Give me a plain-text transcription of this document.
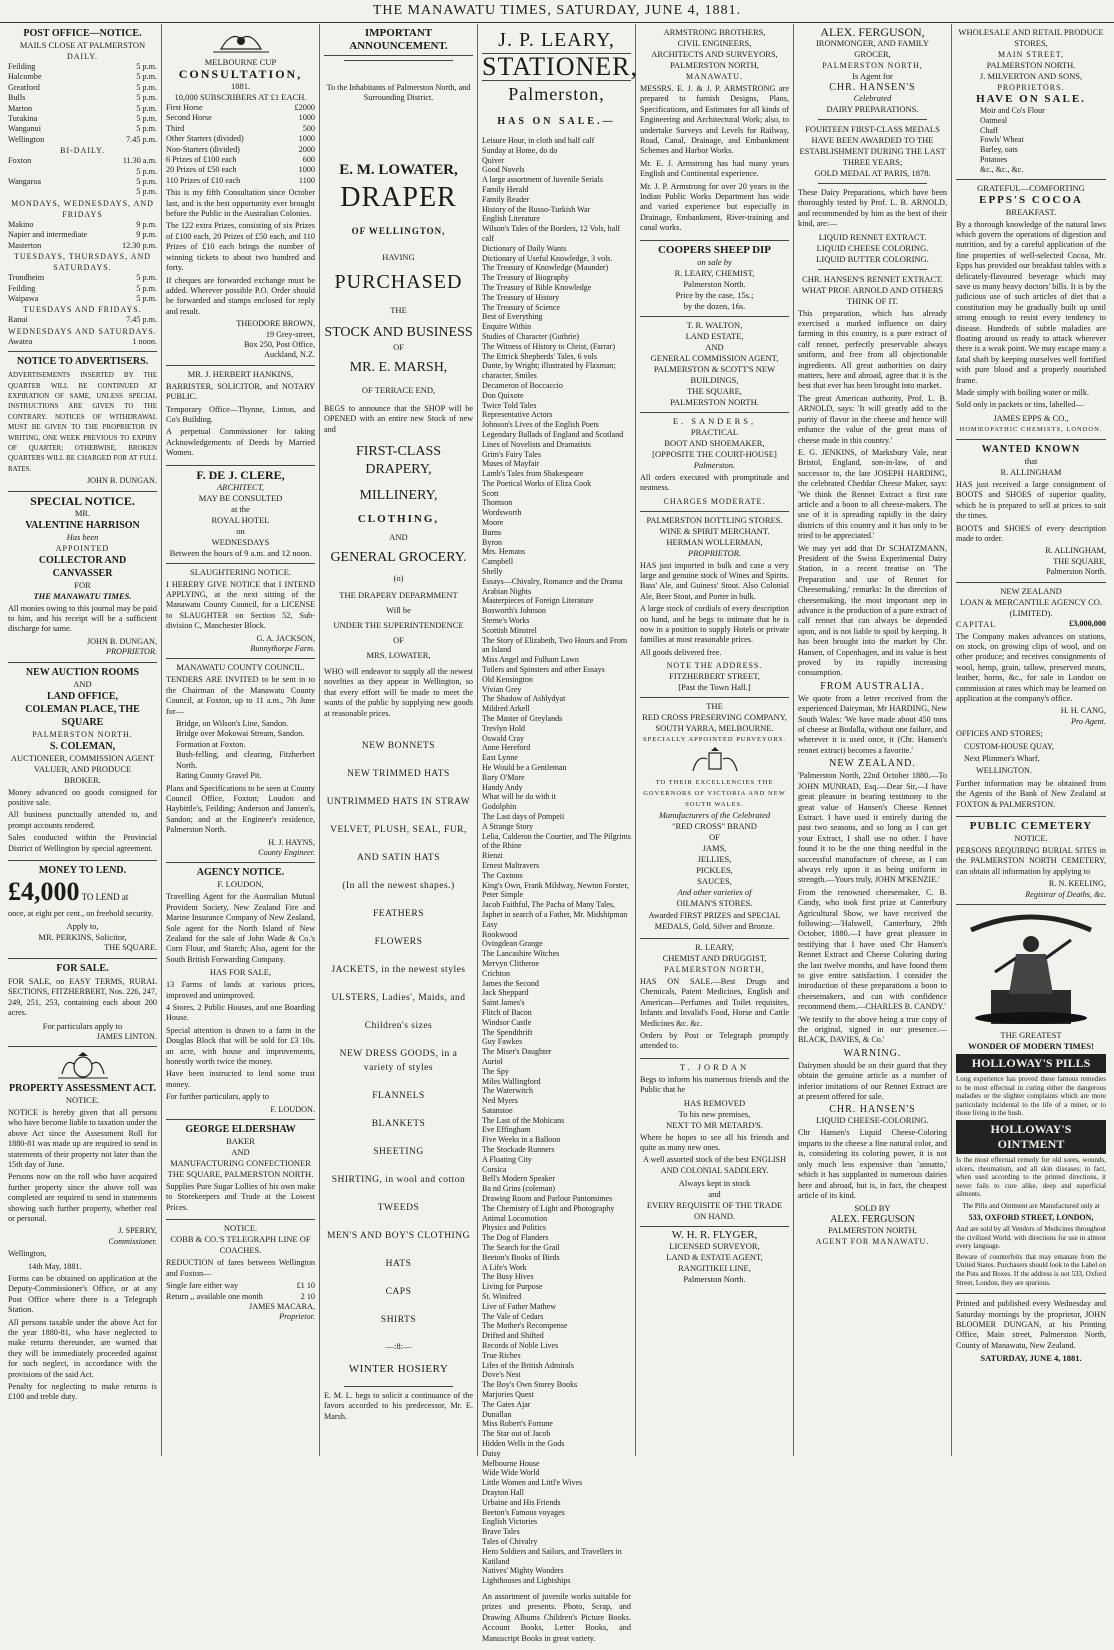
THE MANAWATU TIMES, SATURDAY, JUNE 4, 1881.
POST OFFICE—NOTICE.
MAILS CLOSE AT PALMERSTON
DAILY.
Feilding	5 p.m.
Halcombe	5 p.m.
Greatford	5 p.m.
Bulls	5 p.m.
Marton	5 p.m.
Turakina	5 p.m.
Wanganui	5 p.m.
Wellington	7.45 p.m.
BI-DAILY.
Foxton	11.30 a.m.
5 p.m.
Wangaroa	5 p.m.
5 p.m.
MONDAYS, WEDNESDAYS, AND FRIDAYS
Makino	9 p.m.
Napier and intermediate	9 p.m.
Masterton	12.30 p.m.
TUESDAYS, THURSDAYS, AND SATURDAYS.
Trondheim	5 p.m.
Feilding	5 p.m.
Waipawa	5 p.m.
TUESDAYS AND FRIDAYS.
Ranui	7.45 p.m.
WEDNESDAYS AND SATURDAYS.
Awatea	1 noon.
NOTICE TO ADVERTISERS.
ADVERTISEMENTS INSERTED BY THE QUARTER WILL BE CONTINUED AT EXPIRATION OF SAME, UNLESS SPECIAL INSTRUCTIONS ARE GIVEN TO THE CONTRARY. NOTICES OF WITHDRAWAL MUST BE GIVEN TO THE PROPRIETOR IN WRITING, ONE WEEK PREVIOUS TO EXPIRY OF QUARTER; OTHERWISE, BROKEN QUARTERS WILL BE CHARGED FOR AT FULL RATES.
JOHN B. DUNGAN.
SPECIAL NOTICE.
MR.
VALENTINE HARRISON
Has been
APPOINTED
COLLECTOR AND CANVASSER
FOR
THE MANAWATU TIMES.
All monies owing to this journal may be paid to him, and his receipt will be a sufficient discharge for same.
JOHN B. DUNGAN,
PROPRIETOR.
NEW AUCTION ROOMS
AND
LAND OFFICE,
COLEMAN PLACE, THE SQUARE
PALMERSTON NORTH.
S. COLEMAN,
AUCTIONEER, COMMISSION AGENT
VALUER, AND PRODUCE
BROKER.
Money advanced on goods consigned for positive sale.
All business punctually attended to, and prompt accounts rendered.
Sales conducted within the Provincial District of Wellington by special agreement.
MONEY TO LEND.
£4,000 TO LEND at
once, at eight per cent., on freehold security.
Apply to,
MR. PERKINS, Solicitor,
THE SQUARE.
FOR SALE.
FOR SALE, on EASY TERMS, RURAL SECTIONS, FITZHERBERT, Nos. 226, 247, 249, 251, 253, containing each about 200 acres.
For particulars apply to
JAMES LINTON.
PROPERTY ASSESSMENT ACT.
NOTICE.
NOTICE is hereby given that all persons who have become liable to taxation under the above Act since the Assessment Roll for 1880-81 was made up are required to send in statements of their property not later than the 15th day of June.
Persons now on the roll who have acquired further property since the above roll was completed are required to send in statements showing such further property, whether real or personal.
J. SPERRY,
Commissioner.
Wellington,
14th May, 1881.
Forms can be obtained on application at the Deputy-Commissioner's Office, or at any Post Office where there is a Telegraph Station.
All persons taxable under the above Act for the year 1880-81, who have neglected to make returns thereunder, are warned that they will be immediately proceeded against for such neglect, in accordance with the provisions of the said Act.
Penalty for neglecting to make returns is £100 and treble duty.
MELBOURNE CUP
CONSULTATION,
1881.
10,000 SUBSCRIBERS AT £1 EACH.
First Horse	£2000
Second Horse	1000
Third	500
Other Starters (divided)	1000
Non-Starters (divided)	2000
6 Prizes of £100 each	600
20 Prizes of £50 each	1000
110 Prizes of £10 each	1100
This is my fifth Consultation since October last, and is the best opportunity ever brought before the Public in the Australian Colonies.
The 122 extra Prizes, consisting of six Prizes of £100 each, 20 Prizes of £50 each, and 110 Prizes of £10 each brings the number of winning tickets to about two hundred and forty.
If cheques are forwarded exchange must be added. Wherever possible P.O. Order should be forwarded and stamps enclosed for reply and result.
THEODORE BROWN,
19 Grey-street,
Box 250, Post Office,
Auckland, N.Z.
MR. J. HERBERT HANKINS,
BARRISTER, SOLICITOR, and NOTARY PUBLIC.
Temporary Office—Thynne, Linton, and Co's Building.
A perpetual Commissioner for taking Acknowledgements of Deeds by Married Women.
F. DE J. CLERE,
ARCHITECT,
MAY BE CONSULTED
at the
ROYAL HOTEL
on
WEDNESDAYS
Between the hours of 9 a.m. and 12 noon.
SLAUGHTERING NOTICE.
I HEREBY GIVE NOTICE that I INTEND APPLYING, at the next sitting of the Manawatu County Council, for a LICENSE to SLAUGHTER on Section 52, Sub-division C, Manchester Block.
G. A. JACKSON,
Bunnythorpe Farm.
MANAWATU COUNTY COUNCIL.
TENDERS ARE INVITED to be sent in to the Chairman of the Manawatu County Council, at Foxton, up to 11 a.m., 7th June for—
Bridge, on Wilson's Line, Sandon.
Bridge over Mokowai Stream, Sandon.
Formation at Foxton.
Bush-felling, and clearing, Fitzherbert North.
Rating County Gravel Pit.
Plans and Specifications to be seen at County Council Office, Foxton; Loudon and Haybittle's, Feilding; Anderson and Jansen's, Sandon; and at the Engineer's residence, Palmerston North.
H. J. HAYNS,
County Engineer.
AGENCY NOTICE.
F. LOUDON,
Travelling Agent for the Australian Mutual Provident Society, New Zealand Fire and Marine Insurance Company of New Zealand, Sole agent for the North Island of New Zealand for the sale of John Wade & Co.'s Corn Flour, and Starch; Also, agent for the South British Forwarding Company.
HAS FOR SALE,
13 Farms of lands at various prices, improved and unimproved.
4 Stores, 2 Public Houses, and one Boarding House.
Special attention is drawn to a farm in the Douglas Block that will be sold for £3 10s. an acre, with house and improvements, honestly worth twice the money.
Have been instructed to lend some trust money.
For further particulars, apply to
F. LOUDON.
GEORGE ELDERSHAW
BAKER
AND
MANUFACTURING CONFECTIONER
THE SQUARE, PALMERSTON NORTH.
Supplies Pure Sugar Lollies of his own make to Storekeepers and Trade at the Lowest Prices.
NOTICE.
COBB & CO.'S TELEGRAPH LINE OF COACHES.
REDUCTION of fares between Wellington and Foxton—
Single fare either way	£1 10
Return ,, available one month	2 10
JAMES MACARA,
Proprietor.
IMPORTANT ANNOUNCEMENT.
To the Inhabitants of Palmerston North, and Surrounding District.
E. M. LOWATER,
DRAPER
OF WELLINGTON,
HAVING
PURCHASED
THE
STOCK AND BUSINESS
OF
MR. E. MARSH,
OF TERRACE END,
BEGS to announce that the SHOP will be OPENED with an entire new Stock of new and
FIRST-CLASS DRAPERY,
MILLINERY,
CLOTHING,
AND
GENERAL GROCERY.
(o)
THE DRAPERY DEPARMMENT
Will be
UNDER THE SUPERINTENDENCE
OF
MRS. LOWATER,
WHO will endeavor to supply all the newest novelties as they appear in Wellington, so that every effort will be made to meet the wants of the public by supplying new goods at reasonable prices.
NEW BONNETS
NEW TRIMMED HATS
UNTRIMMED HATS IN STRAW
VELVET, PLUSH, SEAL, FUR,
AND SATIN HATS
(In all the newest shapes.)
FEATHERS
FLOWERS
JACKETS, in the newest styles
ULSTERS, Ladies', Maids, and
Children's sizes
NEW DRESS GOODS, in a variety of styles
FLANNELS
BLANKETS
SHEETING
SHIRTING, in wool and cotton
TWEEDS
MEN'S AND BOY'S CLOTHING
HATS
CAPS
SHIRTS
—:8:—
WINTER HOSIERY
E. M. L. begs to solicit a continuance of the favors accorded to his predecessor, Mr. E. Marsh.
J. P. LEARY,
STATIONER,
Palmerston,
HAS ON SALE.—
Leisure Hour, in cloth and half calf
Sunday at Home, do do
Quiver
Good Novels
A large assortment of Juvenile Serials
Family Herald
Family Reader
History of the Russo-Turkish War
English Literature
Wilson's Tales of the Borders, 12 Vols, half calf
Dictionary of Daily Wants
Dictionary of Useful Knowledge, 3 vols.
The Treasury of Knowledge (Maunder)
The Treasury of Biography
The Treasury of Bible Knowledge
The Treasury of History
The Treasury of Science
Best of Everything
Enquire Within
Studies of Character (Guthrie)
The Witness of History to Christ, (Farrar)
The Ettrick Shepherds' Tales, 6 vols
Dante, by Wright; illustrated by Flaxman; character, Smiles
Decameron of Boccaccio
Don Quixote
Twice Told Tales
Representative Actors
Johnson's Lives of the English Poets
Legendary Ballads of England and Scotland
Lines of Novelists and Dramatists
Grim's Fairy Tales
Muses of Mayfair
Lamb's Tales from Shakespeare
The Poetical Works of Eliza Cook
Scott
Thomson
Wordsworth
Moore
Burns
Byron
Mrs. Hemans
Campbell
Shelly
Essays—Chivalry, Romance and the Drama
Arabian Nights
Masterpieces of Foreign Literature
Bosworth's Johnson
Sterne's Works
Scottish Minstrel
The Story of Elizabeth, Two Hours and From an Island
Miss Angel and Fulham Lawn
Toilers and Spinsters and other Essays
Old Kensington
Vivian Grey
The Shadow of Ashlydyat
Mildred Arkell
The Master of Greylands
Trevlyn Hold
Oswald Cray
Anne Hereford
East Lynne
He Would be a Gentleman
Rory O'More
Handy Andy
What will he do with it
Godolphin
The Last days of Pompeii
A Strange Story
Lelia, Calderon the Courtier, and The Pilgrims of the Rhine
Rienzi
Ernest Maltravers
The Caxtons
King's Own, Frank Mildway, Newton Forster, Peter Simple
Jacob Faithful, The Pacha of Many Tales, Japhet in search of a Father, Mr. Midshipman Easy
Rookwood
Ovingdean Grange
The Lancashire Witches
Mervyn Clitheroe
Crichton
James the Second
Jack Sheppard
Saint James's
Flitch of Bacon
Windsor Castle
The Spendthrift
Guy Fawkes
The Miser's Daughter
Auriol
The Spy
Miles Wallingford
The Waterwitch
Ned Myers
Satanstoe
The Last of the Mohicans
Eve Effingham
Five Weeks in a Balloon
The Stockade Runners
A Floating City
Corsica
Bell's Modern Speaker
Ba nd Grins (coleman)
Drawing Room and Parlour Pantomimes
The Chemistry of Light and Photography
Animal Locomotion
Physics and Politics
The Dog of Flanders
The Search for the Grail
Beeton's Books of Birds
A Life's Work
The Busy Hives
Living for Purpose
St. Winifred
Live of Father Mathew
The Vale of Cedars
The Mother's Recompense
Drifted and Shifted
Records of Noble Lives
True Riches
Lifes of the British Admirals
Dove's Nest
The Boy's Own Storey Books
Marjories Quest
The Gates Ajar
Dunallan
Miss Robert's Fortune
The Star out of Jacob
Hidden Wells in the Gods
Daisy
Melbourne House
Wide Wide World
Little Women and Littl'e Wives
Drayton Hall
Urbaine and His Friends
Beeton's Famous voyages
English Victories
Brave Tales
Tales of Chivalry
Hero Soldiers and Sailors, and Travellers in Katiland
Natives' Mighty Wonders
Lighthouses and Lightships
An assortment of juvenile works suitable for prizes and presents. Photo, Scrap, and Drawing Albums Children's Picture Books. Account Books, Letter Books, and Manuscript Books in great variety.
ARMSTRONG BROTHERS,
CIVIL ENGINEERS,
ARCHITECTS AND SURVEYORS,
PALMERSTON NORTH,
MANAWATU.
MESSRS. E. J. & J. P. ARMSTRONG are prepared to furnish Designs, Plans, Specifications, and Estimates for all kinds of Engineering and Architectural Work; also, to undertake Surveys and Levels for Railway, Road, Canal, Drainage, and Embankment Schemes and Harbor Works.
Mr. E. J. Armstrong has had many years English and Continental experience.
Mr. J. P. Armstrong for over 20 years in the Indian Public Works Department has wide and varied experience but especially in Drainage, Embankment, River-training and canal works.
COOPERS SHEEP DIP
on sale by
R. LEARY, CHEMIST,
Palmerston North.
Price by the case, 15s.;
by the dozen, 16s.
T. R. WALTON,
LAND ESTATE,
AND
GENERAL COMMISSION AGENT,
PALMERSTON & SCOTT'S NEW BUILDINGS,
THE SQUARE,
PALMERSTON NORTH.
E. SANDERS,
PRACTICAL
BOOT AND SHOEMAKER,
[OPPOSITE THE COURT-HOUSE]
Palmerston.
All orders executed with promptitude and neatness.
CHARGES MODERATE.
PALMERSTON BOTTLING STORES.
WINE & SPIRIT MERCHANT.
HERMAN WOLLERMAN,
PROPRIETOR.
HAS just imported in bulk and case a very large and genuine stock of Wines and Spirits. Bass' Ale, and Guiness' Stout. Also Colonial Ale, Beer Stout, and Porter in bulk.
A large stock of cordials of every description on hand, and he begs to intimate that he is now in a position to supply Hotels or private families at most reasonable prices.
All goods delivered free.
NOTE THE ADDRESS.
FITZHERBERT STREET,
[Past the Town Hall.]
THE
RED CROSS PRESERVING COMPANY,
SOUTH YARRA, MELBOURNE.
SPECIALLY APPOINTED PURVEYORS.
TO THEIR EXCELLENCIES THE GOVERNORS OF VICTORIA AND NEW SOUTH WALES.
Manufacturers of the Celebrated
"RED CROSS" BRAND
OF
JAMS,
JELLIES,
PICKLES,
SAUCES,
And other varieties of
OILMAN'S STORES.
Awarded FIRST PRIZES and SPECIAL MEDALS, Gold, Silver and Bronze.
R. LEARY,
CHEMIST AND DRUGGIST,
PALMERSTON NORTH,
HAS ON SALE.—Best Drugs and Chemicals, Patent Medicines, English and American—Perfumes and Toilet requisites, Infants and Invalid's Food, Horse and Cattle Medicines &c. &c.
Orders by Post or Telegraph promptly attended to.
T. JORDAN
Begs to inform his numerous friends and the Public that he
HAS REMOVED
To his new premises,
NEXT TO MR METARD'S.
Where he hopes to see all his friends and quite as many new ones.
A well assorted stock of the best ENGLISH AND COLONIAL SADDLERY.
Always kept in stock
and
EVERY REQUISITE OF THE TRADE ON HAND.
W. H. R. FLYGER,
LICENSED SURVEYOR,
LAND & ESTATE AGENT,
RANGITIKEI LINE,
Palmerston North.
ALEX. FERGUSON,
IRONMONGER, AND FAMILY
GROCER,
PALMERSTON NORTH,
Is Agent for
CHR. HANSEN'S
Celebrated
DAIRY PREPARATIONS.
FOURTEEN FIRST-CLASS MEDALS HAVE BEEN AWARDED TO THE ESTABLISHMENT DURING THE LAST THREE YEARS;
GOLD MEDAL AT PARIS, 1878.
These Dairy Preparations, which have been thoroughly tested by Prof. L. B. ARNOLD, and recommended by him as the best of their kind, are:—
LIQUID RENNET EXTRACT.
LIQUID CHEESE COLORING.
LIQUID BUTTER COLORING.
CHR. HANSEN'S RENNET EXTRACT.
WHAT PROF. ARNOLD AND OTHERS THINK OF IT.
This preparation, which has already exercised a marked influence on dairy farming in this country, is a pure extract of calf rennet, perfectly preservable always uniform, and free from all objectionable ingredients. All great authorities on dairy matters, here and abroad, agree that it is the best that ever has been brought into market.
The great American authority, Prof. L. B. ARNOLD, says: 'It will greatly add to the purity of flavor in the cheese and hence will enhance the value of the great mass of cheese made in this country.'
E. G. JENKINS, of Marksbury Vale, near Bristol, England, son-in-law, of and successor to, the late JOSEPH HARDING, the celebrated Cheddar Cheese Maker, says: 'We think the Rennet Extract a first rate article and a boon to all cheese-makers. The use of it is spreading rapidly in the dairy districts of this country and it has only to be tried to be appreciated.'
We may yet add that Dr SCHATZMANN, President of the Swiss Experimental Dairy Station, in a recent treatise on 'The Preparation and use of Rennet for Cheesemaking,' remarks: In the direction of cheesemaking, the most important step in advance is the production of a pure extract of calf rennet that can always be depended upon, and is not liable to spoil by keeping. It has been brought into the market by Chr. Hansen, of Copenhagen, and its value is best proved by its rapidly increasing consumption.
FROM AUSTRALIA.
We quote from a letter received from the experienced Dairyman, Mr HARDING, New South Wales: 'We have made about 450 tons of cheese at Bodalla, without one failure, and wherever it is used once, it (Chr. Hansen's rennet extract) becomes a favorite.'
NEW ZEALAND.
'Palmerston North, 22nd October 1880.—To JOHN MUNRAD, Esq.—Dear Sir,—I have great pleasure in bearing testimony to the great value of Hansen's Cheese Rennet Extract. I have used it entirely during the past two seasons, and so long as I can get your Extract, I shall use no other. I have found it to be the one thing needful in the successful manufacture of cheese, as I can always rely upon it as being uniform in strength.—Yours truly, JOHN M'KENZIE.'
From the renowned cheesemaker, C. B. Candy, who took first prize at Canterbury Agricultural Show, we have received the following:—'Halswell, Canterbury, 29th October, 1880.—I have great pleasure in testifying that I have used Chr Hansen's Rennet Extract and Cheese Coloring during the last twelve months, and have found them to give entire satisfaction. I consider the introduction of these preparations a boon to cheesemakers, and can with confidence recommend them.—CHARLES B. CANDY.'
'We testify to the above being a true copy of the original, signed in our presence.—BLACK, DAVIES, & Co.'
WARNING.
Dairymen should be on their guard that they obtain the genuine article as a number of inferior imitations of our Rennet Extract are at present offered for sale.
CHR. HANSEN'S
LIQUID CHEESE-COLORING.
Chr Hansen's Liquid Cheese-Coloring imparts to the cheese a fine natural color, and is, considering its coloring power, it is not only much less expensive than 'annatto,' which it has supplanted in numerous dairies here and abroad, but is, in fact, the cheapest article of its kind.
SOLD BY
ALEX. FERGUSON
PALMERSTON NORTH,
AGENT FOR MANAWATU.
WHOLESALE AND RETAIL PRODUCE STORES,
MAIN STREET,
PALMERSTON NORTH.
J. MILVERTON AND SONS,
PROPRIETORS.
HAVE ON SALE.
Moir and Co's Flour
Oatmeal
Chaff
Fowls' Wheat
Barley, oats
Potatoes
&c., &c., &c.
GRATEFUL—COMFORTING
EPPS'S COCOA
BREAKFAST.
By a thorough knowledge of the natural laws which govern the operations of digestion and nutrition, and by a careful application of the fine properties of well-selected Cocoa, Mr. Epps has provided our breakfast tables with a delicately-flavoured beverage which may save us many heavy doctors' bills. It is by the judicious use of such articles of diet that a constitution may be gradually built up until strong enough to resist every tendency to disease. Hundreds of subtle maladies are floating around us ready to attack wherever there is a weak point. We may escape many a fatal shaft by keeping ourselves well fortified with pure blood and a properly nourished frame.
Made simply with boiling water or milk.
Sold only in packets or tins, labelled—
JAMES EPPS & CO.,
HOMŒOPATHIC CHEMISTS, LONDON.
WANTED KNOWN
that
R. ALLINGHAM
HAS just received a large consignment of BOOTS and SHOES of superior quality, which he is prepared to sell at prices to suit the times.
BOOTS and SHOES of every description made to order.
R. ALLINGHAM,
THE SQUARE,
Palmerston North.
NEW ZEALAND
LOAN & MERCANTILE AGENCY CO. (LIMITED).
CAPITAL	£3,000,000
The Company makes advances on stations, on stock, on growing clips of wool, and on other produce; and receives consignments of wool, hemp, grain, tallow, preserved meats, leather, horns, &c., for sale in London on commission at rates which may be learned on application at the company's office.
H. H. CANG,
Pro Agent.
OFFICES AND STORES;
CUSTOM-HOUSE QUAY,
Next Plimmer's Wharf,
WELLINGTON.
Further information may be obtained from the Agents of the Bank of New Zealand at FOXTON & PALMERSTON.
PUBLIC CEMETERY
NOTICE.
PERSONS REQUIRING BURIAL SITES in the PALMERSTON NORTH CEMETERY, can obtain all information by applying to
R. N. KEELING,
Registrar of Deaths, &c.
THE GREATEST
WONDER OF MODERN TIMES!
HOLLOWAY'S PILLS
Long experience has proved these famous remedies to be most effectual in curing either the dangerous maladies or the slighter complaints which are more particularly incidental to the life of a miner, or to those living in the bush.
HOLLOWAY'S OINTMENT
Is the most effectual remedy for old sores, wounds, ulcers, rheumatism, and all skin diseases; in fact, when used according to the printed directions, it never fails to cure alike, deep and superficial ailments.
The Pills and Ointment are Manufactured only at
533, OXFORD STREET, LONDON,
And are sold by all Vendors of Medicines throughout the civilized World, with directions for use in almost every language.
Beware of counterfeits that may emanate from the United States. Purchasers should look to the Label on the Pots and Boxes. If the address is not 533, Oxford Street, London, they are spurious.
Printed and published every Wednesday and Saturday mornings by the proprietor, JOHN BLOOMER DUNGAN, at his Printing Office, Main street, Palmerston North, County of Manawatu, New Zealand.
SATURDAY, JUNE 4, 1881.
